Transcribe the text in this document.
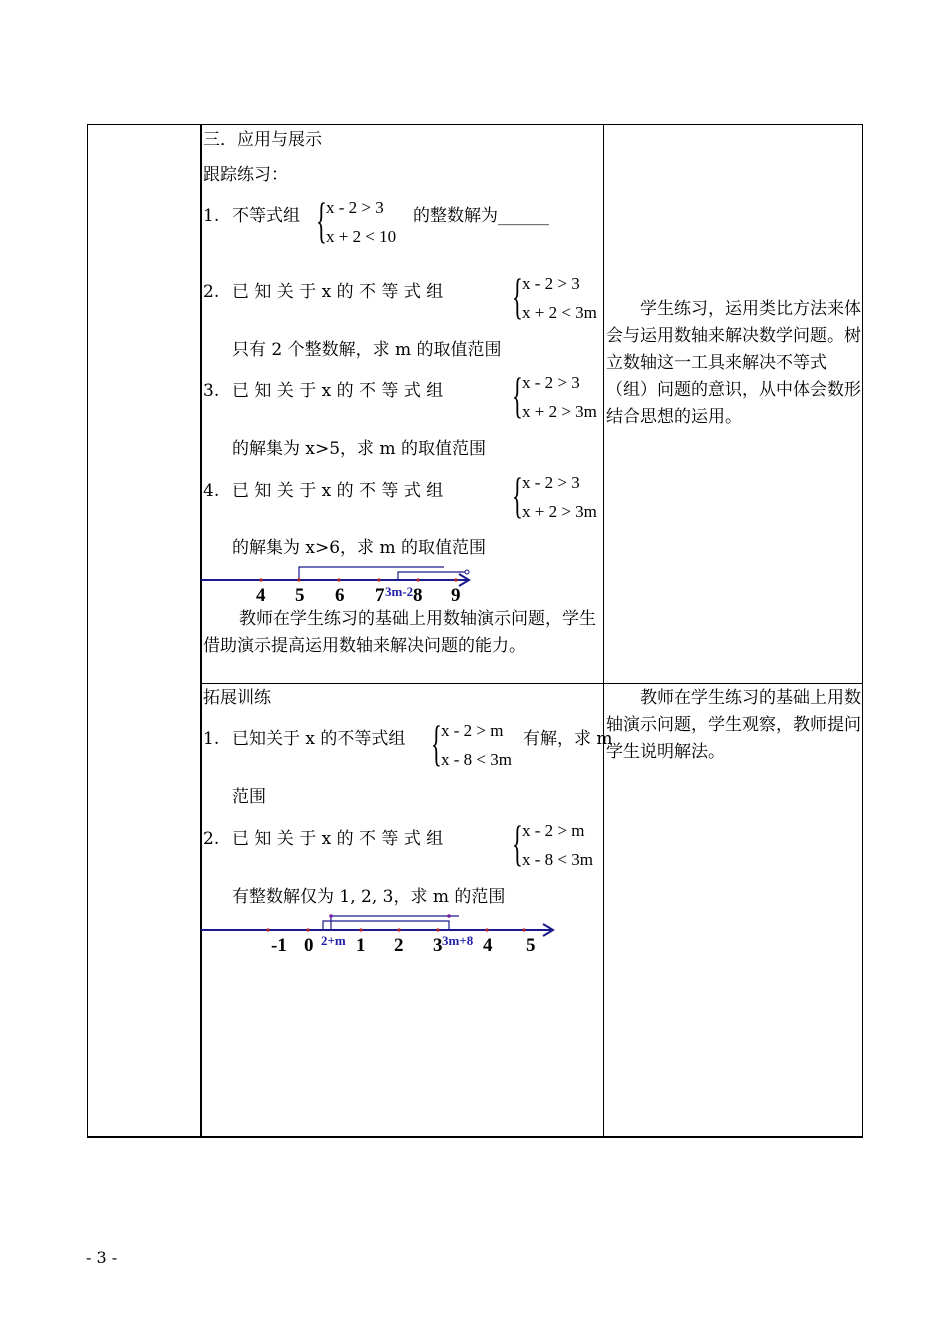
三．应用与展示
跟踪练习：
1. 不等式组 { x - 2 > 3
x + 2 < 10
的整数解为______
2. 已 知 关 于 x 的 不 等 式 组 { x - 2 > 3
x + 2 < 3m
只有 2 个整数解，求 m 的取值范围
3. 已 知 关 于 x 的 不 等 式 组 { x - 2 > 3
x + 2 > 3m
的解集为 x>5，求 m 的取值范围
4. 已 知 关 于 x 的 不 等 式 组 { x - 2 > 3
x + 2 > 3m
的解集为 x>6，求 m 的取值范围
4 5 6 7 8 9
3m-2
教师在学生练习的基础上用数轴演示问题，学生借助演示提高运用数轴来解决问题的能力。
学生练习，运用类比方法来体会与运用数轴来解决数学问题。树立数轴这一工具来解决不等式（组）问题的意识，从中体会数形结合思想的运用。
拓展训练
1. 已知关于 x 的不等式组 { x - 2 > m
x - 8 < 3m
有解，求 m
范围
2. 已 知 关 于 x 的 不 等 式 组 { x - 2 > m
x - 8 < 3m
有整数解仅为 1, 2, 3，求 m 的范围
-1 0 1 2 3 4 5
2+m	3m+8
教师在学生练习的基础上用数轴演示问题，学生观察，教师提问学生说明解法。
- 3 -
